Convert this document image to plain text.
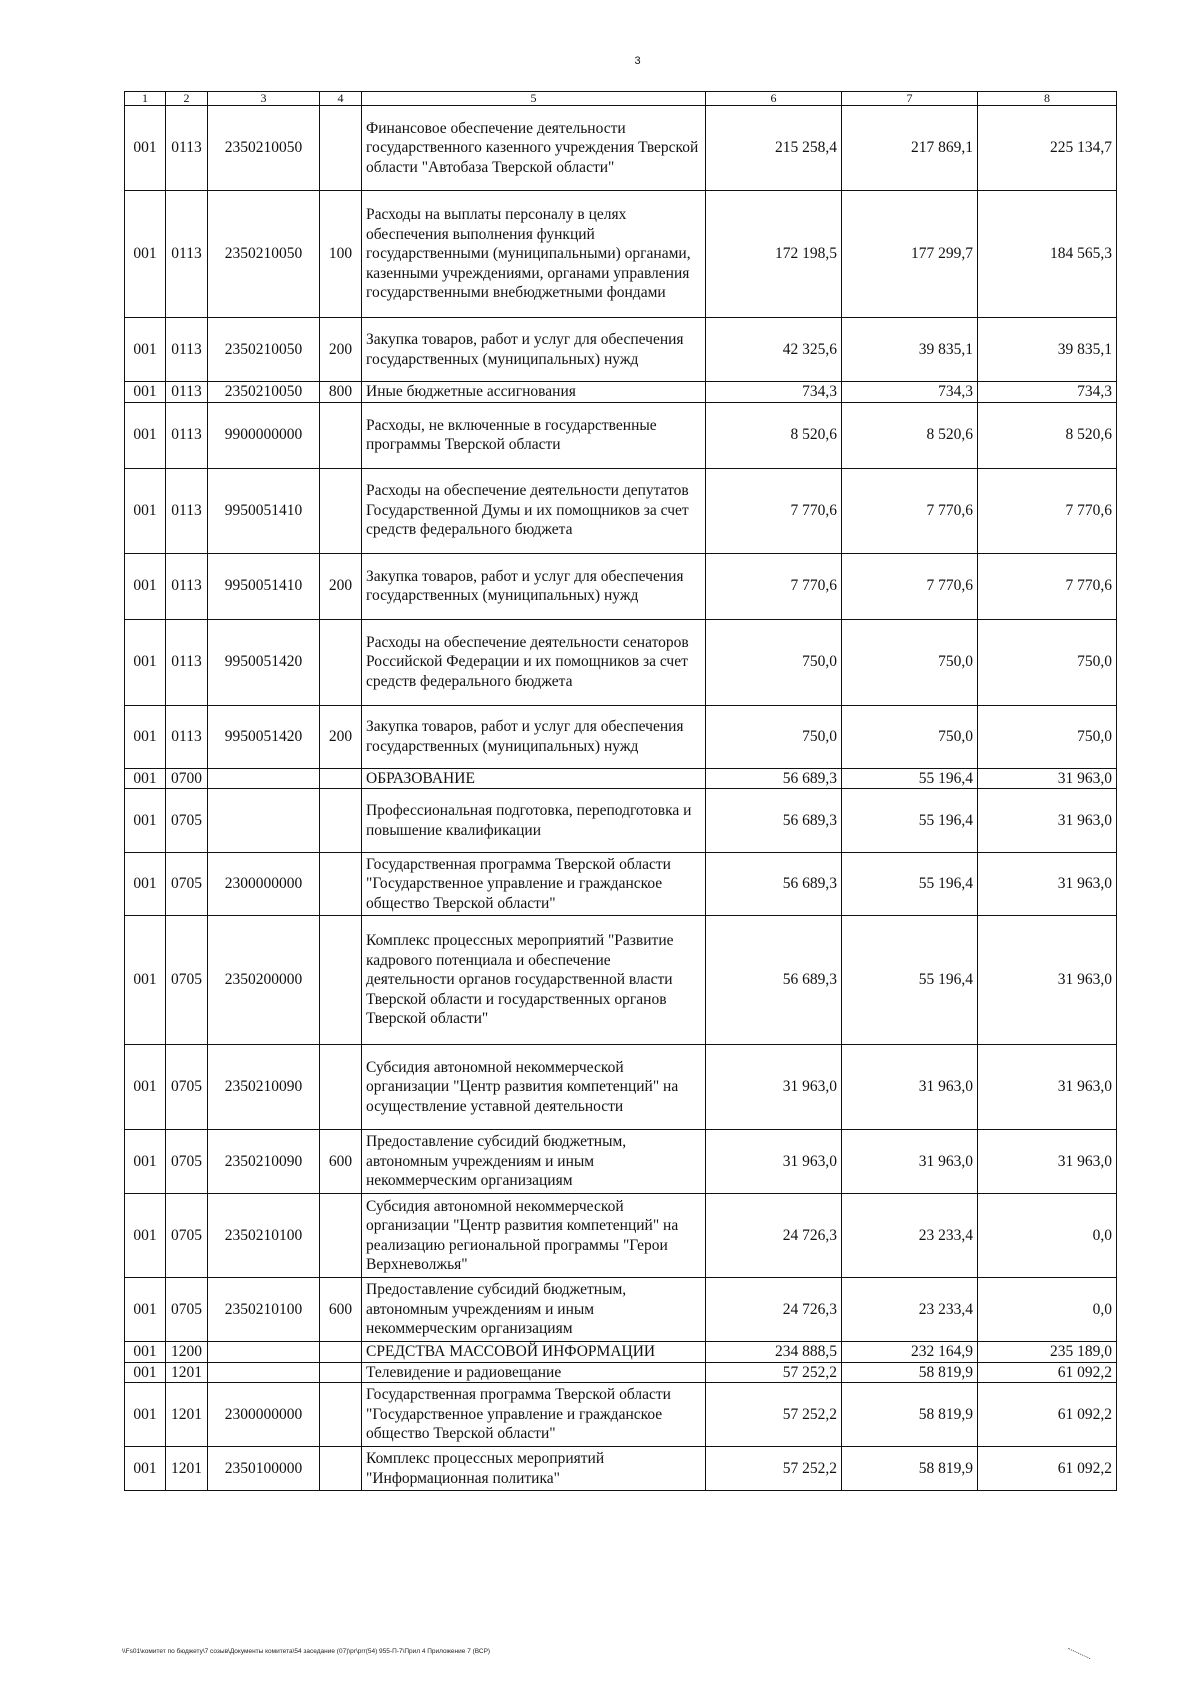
3
1	2	3	4	5	6	7	8
001	0113	2350210050		Финансовое обеспечение деятельности государственного казенного учреждения Тверской области "Автобаза Тверской области"	215 258,4	217 869,1	225 134,7
001	0113	2350210050	100	Расходы на выплаты персоналу в целях обеспечения выполнения функций государственными (муниципальными) органами, казенными учреждениями, органами управления государственными внебюджетными фондами	172 198,5	177 299,7	184 565,3
001	0113	2350210050	200	Закупка товаров, работ и услуг для обеспечения государственных (муниципальных) нужд	42 325,6	39 835,1	39 835,1
001	0113	2350210050	800	Иные бюджетные ассигнования	734,3	734,3	734,3
001	0113	9900000000		Расходы, не включенные в государственные программы Тверской области	8 520,6	8 520,6	8 520,6
001	0113	9950051410		Расходы на обеспечение деятельности депутатов Государственной Думы и их помощников за счет средств федерального бюджета	7 770,6	7 770,6	7 770,6
001	0113	9950051410	200	Закупка товаров, работ и услуг для обеспечения государственных (муниципальных) нужд	7 770,6	7 770,6	7 770,6
001	0113	9950051420		Расходы на обеспечение деятельности сенаторов Российской Федерации и их помощников за счет средств федерального бюджета	750,0	750,0	750,0
001	0113	9950051420	200	Закупка товаров, работ и услуг для обеспечения государственных (муниципальных) нужд	750,0	750,0	750,0
001	0700			ОБРАЗОВАНИЕ	56 689,3	55 196,4	31 963,0
001	0705			Профессиональная подготовка, переподготовка и повышение квалификации	56 689,3	55 196,4	31 963,0
001	0705	2300000000		Государственная программа Тверской области "Государственное управление и гражданское общество Тверской области"	56 689,3	55 196,4	31 963,0
001	0705	2350200000		Комплекс процессных мероприятий "Развитие кадрового потенциала и обеспечение деятельности органов государственной власти Тверской области и государственных органов Тверской области"	56 689,3	55 196,4	31 963,0
001	0705	2350210090		Субсидия автономной некоммерческой организации "Центр развития компетенций" на осуществление уставной деятельности	31 963,0	31 963,0	31 963,0
001	0705	2350210090	600	Предоставление субсидий бюджетным, автономным учреждениям и иным некоммерческим организациям	31 963,0	31 963,0	31 963,0
001	0705	2350210100		Субсидия автономной некоммерческой организации "Центр развития компетенций" на реализацию региональной программы "Герои Верхневолжья"	24 726,3	23 233,4	0,0
001	0705	2350210100	600	Предоставление субсидий бюджетным, автономным учреждениям и иным некоммерческим организациям	24 726,3	23 233,4	0,0
001	1200			СРЕДСТВА МАССОВОЙ ИНФОРМАЦИИ	234 888,5	232 164,9	235 189,0
001	1201			Телевидение и радиовещание	57 252,2	58 819,9	61 092,2
001	1201	2300000000		Государственная программа Тверской области "Государственное управление и гражданское общество Тверской области"	57 252,2	58 819,9	61 092,2
001	1201	2350100000		Комплекс процессных мероприятий "Информационная политика"	57 252,2	58 819,9	61 092,2
\\Fs01\комитет по бюджету\7 созыв\Документы комитета\54 заседание (07)\pr\prr(54) 955-П-7\Прил 4 Приложение 7 (ВСР)
